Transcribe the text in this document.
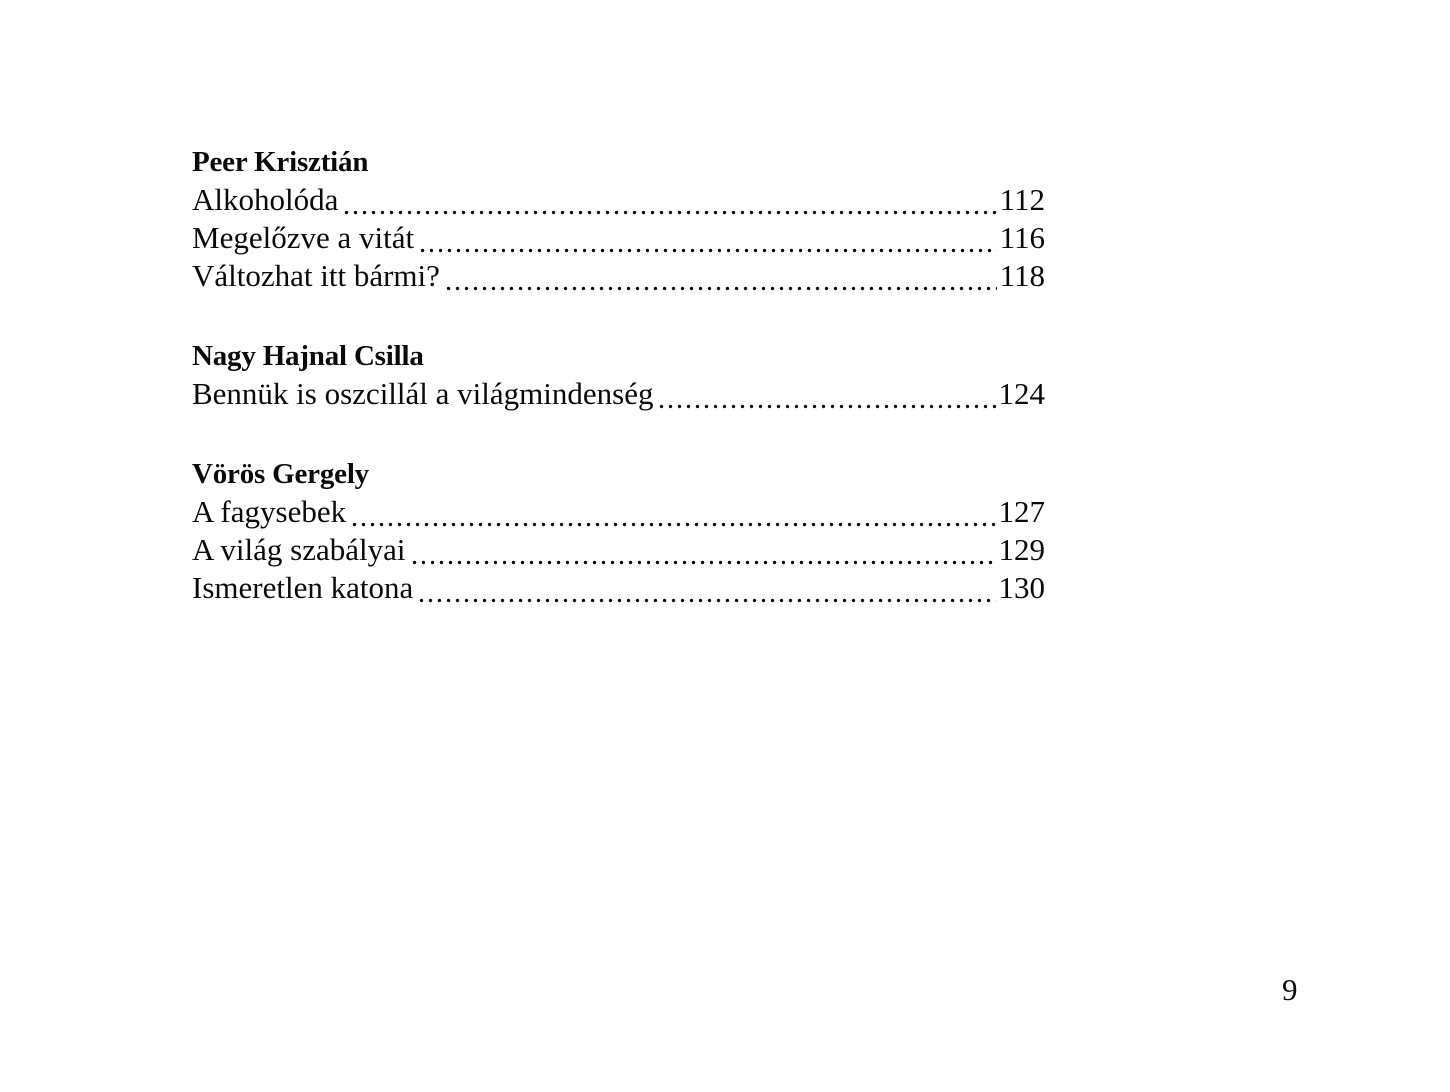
Peer Krisztián
Alkoholóda	112
Megelőzve a vitát	116
Változhat itt bármi?	118
Nagy Hajnal Csilla
Bennük is oszcillál a világmindenség	124
Vörös Gergely
A fagysebek	127
A világ szabályai	129
Ismeretlen katona	130
9
